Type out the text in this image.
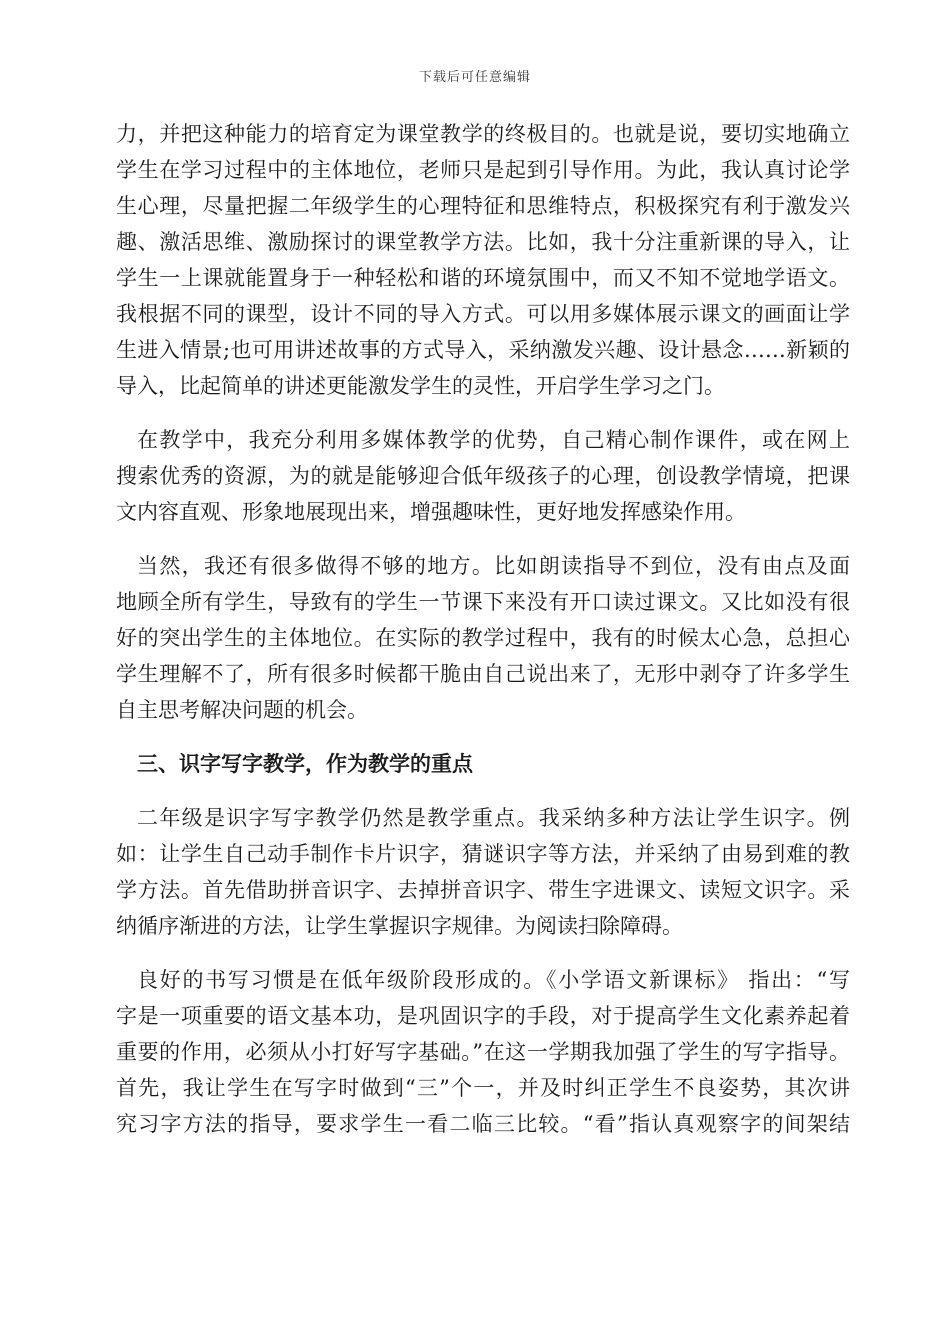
下载后可任意编辑
力，并把这种能力的培育定为课堂教学的终极目的。也就是说，要切实地确立
学生在学习过程中的主体地位，老师只是起到引导作用。为此，我认真讨论学
生心理，尽量把握二年级学生的心理特征和思维特点，积极探究有利于激发兴
趣、激活思维、激励探讨的课堂教学方法。比如，我十分注重新课的导入，让
学生一上课就能置身于一种轻松和谐的环境氛围中，而又不知不觉地学语文。
我根据不同的课型，设计不同的导入方式。可以用多媒体展示课文的画面让学
生进入情景;也可用讲述故事的方式导入，采纳激发兴趣、设计悬念……新颖的
导入，比起简单的讲述更能激发学生的灵性，开启学生学习之门。
在教学中，我充分利用多媒体教学的优势，自己精心制作课件，或在网上
搜索优秀的资源，为的就是能够迎合低年级孩子的心理，创设教学情境，把课
文内容直观、形象地展现出来，增强趣味性，更好地发挥感染作用。
当然，我还有很多做得不够的地方。比如朗读指导不到位，没有由点及面
地顾全所有学生，导致有的学生一节课下来没有开口读过课文。又比如没有很
好的突出学生的主体地位。在实际的教学过程中，我有的时候太心急，总担心
学生理解不了，所有很多时候都干脆由自己说出来了，无形中剥夺了许多学生
自主思考解决问题的机会。
三、识字写字教学，作为教学的重点
二年级是识字写字教学仍然是教学重点。我采纳多种方法让学生识字。例
如：让学生自己动手制作卡片识字，猜谜识字等方法，并采纳了由易到难的教
学方法。首先借助拼音识字、去掉拼音识字、带生字进课文、读短文识字。采
纳循序渐进的方法，让学生掌握识字规律。为阅读扫除障碍。
良好的书写习惯是在低年级阶段形成的。《小学语文新课标》 指出：“写
字是一项重要的语文基本功，是巩固识字的手段，对于提高学生文化素养起着
重要的作用，必须从小打好写字基础。”在这一学期我加强了学生的写字指导。
首先，我让学生在写字时做到“三”个一，并及时纠正学生不良姿势，其次讲
究习字方法的指导，要求学生一看二临三比较。“看”指认真观察字的间架结
